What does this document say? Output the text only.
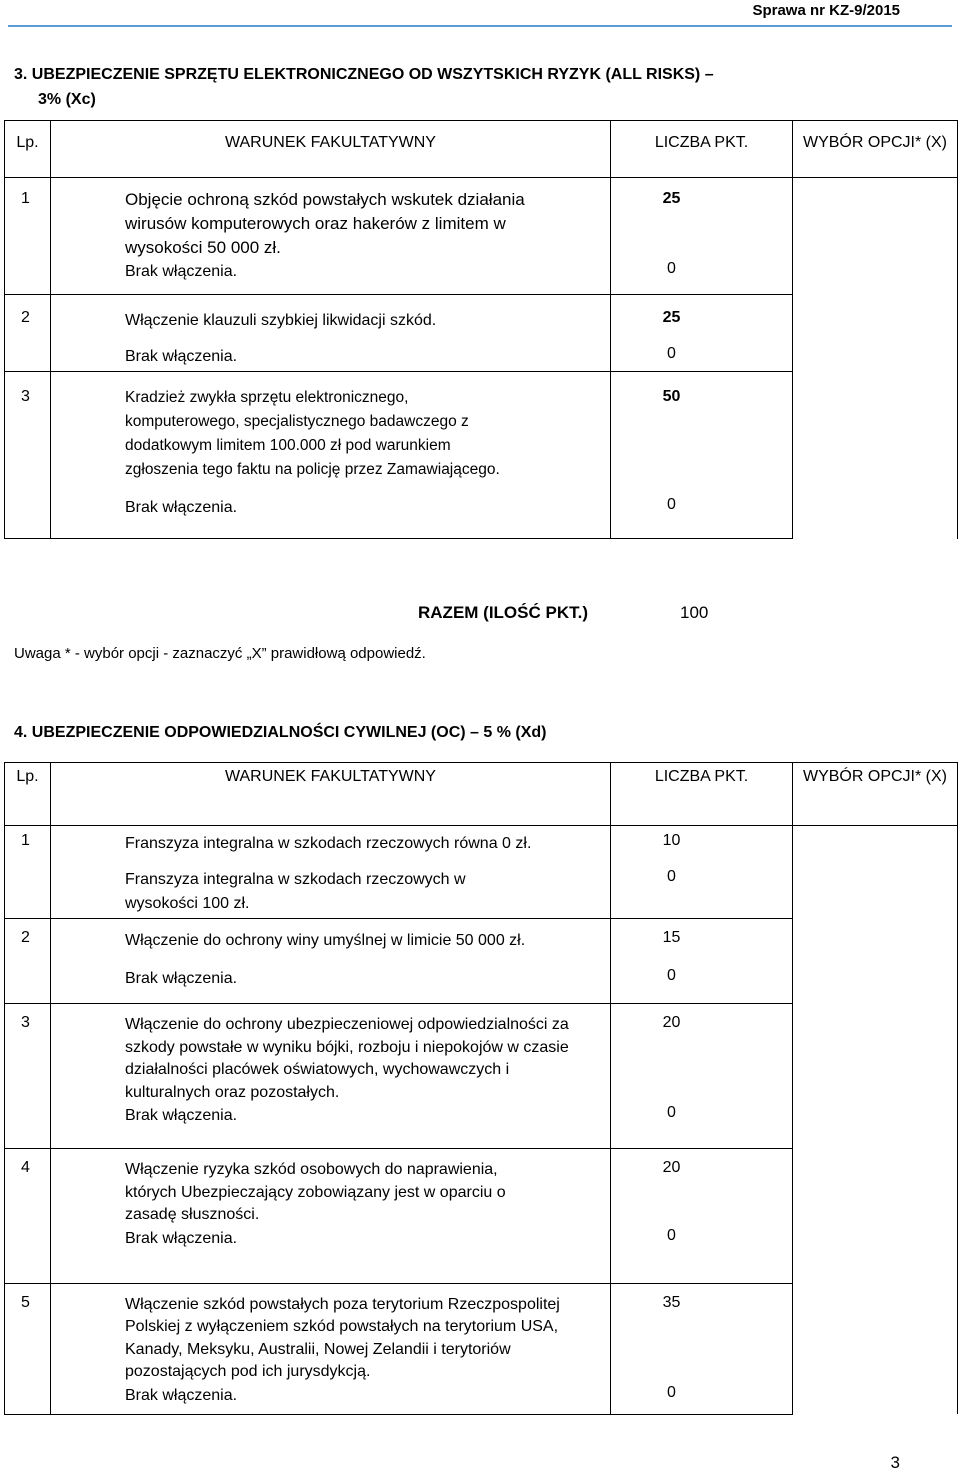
Sprawa nr KZ-9/2015
3. UBEZPIECZENIE SPRZĘTU ELEKTRONICZNEGO OD WSZYTSKICH RYZYK (ALL RISKS) –
3% (Xc)
Lp.	WARUNEK FAKULTATYWNY	LICZBA PKT.	WYBÓR OPCJI* (X)

1	Objęcie ochroną szkód powstałych wskutek działania wirusów komputerowych oraz hakerów z limitem w wysokości 50 000 zł.	25	
	Brak włączenia.	0	
2	Włączenie klauzuli szybkiej likwidacji szkód.	25	
	Brak włączenia.	0	
3	Kradzież zwykła sprzętu elektronicznego, komputerowego, specjalistycznego badawczego z dodatkowym limitem 100.000 zł pod warunkiem zgłoszenia tego faktu na policję przez Zamawiającego.	50	
	Brak włączenia.	0	
RAZEM (ILOŚĆ PKT.)	100
Uwaga * - wybór opcji - zaznaczyć „X” prawidłową odpowiedź.
4. UBEZPIECZENIE ODPOWIEDZIALNOŚCI CYWILNEJ (OC) – 5 % (Xd)
Lp.	WARUNEK FAKULTATYWNY	LICZBA PKT.	WYBÓR OPCJI* (X)

1	Franszyza integralna w szkodach rzeczowych równa 0 zł.	10	
	Franszyza integralna w szkodach rzeczowych w wysokości 100 zł.	0	
2	Włączenie do ochrony winy umyślnej w limicie 50 000 zł.	15	
	Brak włączenia.	0	
3	Włączenie do ochrony ubezpieczeniowej odpowiedzialności za szkody powstałe w wyniku bójki, rozboju i niepokojów w czasie działalności placówek oświatowych, wychowawczych i kulturalnych oraz pozostałych.	20	
	Brak włączenia.	0	
4	Włączenie ryzyka szkód osobowych do naprawienia, których Ubezpieczający zobowiązany jest w oparciu o zasadę słuszności.	20	
	Brak włączenia.	0	
5	Włączenie szkód powstałych poza terytorium Rzeczpospolitej Polskiej z wyłączeniem szkód powstałych na terytorium USA, Kanady, Meksyku, Australii, Nowej Zelandii i terytoriów pozostających pod ich jurysdykcją.	35	
	Brak włączenia.	0	
3
